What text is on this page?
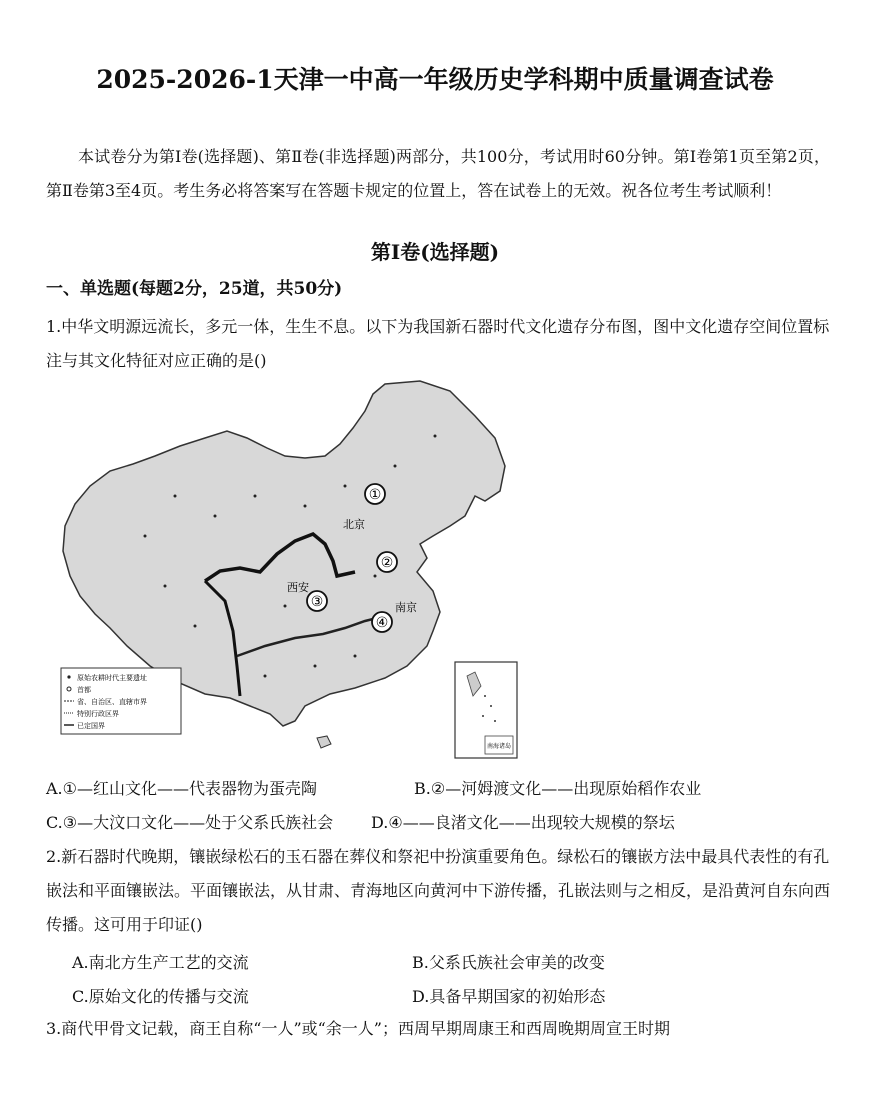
2025-2026-1天津一中高一年级历史学科期中质量调查试卷

本试卷分为第Ⅰ卷(选择题)、第Ⅱ卷(非选择题)两部分，共100分，考试用时60分钟。第Ⅰ卷第1页至第2页，第Ⅱ卷第3至4页。考生务必将答案写在答题卡规定的位置上，答在试卷上的无效。祝各位考生考试顺利！

第Ⅰ卷(选择题)
一、单选题(每题2分，25道，共50分)

1.中华文明源远流长，多元一体，生生不息。以下为我国新石器时代文化遗存分布图，图中文化遗存空间位置标注与其文化特征对应正确的是()

①
②
③
④
北京
西安
南京
原始农耕时代主要遗址
首都
省、自治区、直辖市界
特别行政区界
已定国界
南海诸岛

A.①—红山文化——代表器物为蛋壳陶	B.②—河姆渡文化——出现原始稻作农业

C.③—大汶口文化——处于父系氏族社会 D.④——良渚文化——出现较大规模的祭坛

2.新石器时代晚期，镶嵌绿松石的玉石器在葬仪和祭祀中扮演重要角色。绿松石的镶嵌方法中最具代表性的有孔嵌法和平面镶嵌法。平面镶嵌法，从甘肃、青海地区向黄河中下游传播，孔嵌法则与之相反，是沿黄河自东向西传播。这可用于印证()

A.南北方生产工艺的交流	B.父系氏族社会审美的改变

C.原始文化的传播与交流	D.具备早期国家的初始形态

3.商代甲骨文记载，商王自称“一人”或“余一人”；西周早期周康王和西周晚期周宣王时期
